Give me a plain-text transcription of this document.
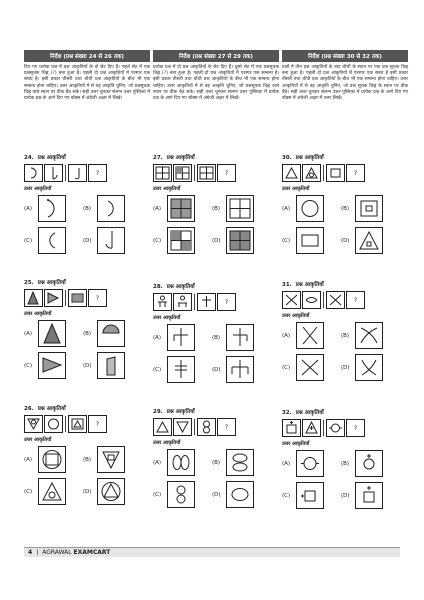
निर्देश (प्रश्न संख्या 24 से 26 तक)
दिए गए प्रत्येक प्रश्न में प्रश्न आकृतियों के दो सेट दिए हैं। पहले सेट में एक प्रश्नसूचक चिह्न (?) बना हुआ है। पहली दो प्रश्न आकृतियों में परस्पर एक संबंध है। इसी प्रकार तीसरी तथा चौथी प्रश्न आकृतियों के बीच भी एक सम्बन्ध होना चाहिए। उत्तर आकृतियों में से वह आकृति चुनिए, जो प्रश्नसूचक चिह्न वाले स्थान पर ठीक बैठ सके। सही उत्तर चुनकर संलग्न उत्तर पुस्तिका में प्रत्येक प्रश्न के आगे दिए गए बॉक्स में अंग्रेजी अक्षर में लिखें।
निर्देश (प्रश्न संख्या 27 से 29 तक)
प्रत्येक प्रश्न में दो प्रश्न आकृतियों के सेट दिए हैं। दूसरे सेट में एक प्रश्नसूचक चिह्न (?) बना हुआ है। पहली दो प्रश्न आकृतियों में परस्पर एक सम्बन्ध है। इसी प्रकार तीसरी तथा चौथी प्रश्न आकृतियों के बीच भी एक सम्बन्ध होना चाहिए। उत्तर आकृतियों में से वह आकृति चुनिए, जो प्रश्नसूचक चिह्न वाले स्थान पर ठीक बैठ सके। सही उत्तर चुनकर संलग्न उत्तर पुस्तिका में प्रत्येक प्रश्न के आगे दिए गए बॉक्स में अंग्रेजी अक्षर में लिखें।
निर्देश (प्रश्न संख्या 30 से 32 तक)
प्रश्नों में तीन प्रश्न आकृतियों के बाद चौथी के स्थान पर एक प्रश्न सूचक चिह्न बना हुआ है। पहली दो प्रश्न आकृतियों में परस्पर एक संबंध है इसी प्रकार तीसरी तथा चौथी प्रश्न आकृतियों के बीच भी एक सम्बन्ध होना चाहिए। उत्तर आकृतियों में से वह आकृति चुनिए, जो प्रश्न सूचक चिह्न के स्थान पर ठीक बैठे। सही उत्तर चुनकर संलग्न उत्तर-पुस्तिका में प्रत्येक प्रश्न के आगे दिए गए बॉक्स में अंग्रेजी अक्षर में उत्तर लिखें।
24. प्रश्न आकृतियाँ
?
उत्तर आकृतियाँ
(A)	(B)
(C)	(D)
25. प्रश्न आकृतियाँ
?
उत्तर आकृतियाँ
(A)	(B)
(C)	(D)
26. प्रश्न आकृतियाँ
?
उत्तर आकृतियाँ
(A)	(B)
(C)	(D)
27. प्रश्न आकृतियाँ
?
उत्तर आकृतियाँ
(A)	(B)
(C)	(D)
28. प्रश्न आकृतियाँ
?
उत्तर आकृतियाँ
(A)	(B)
(C)	(D)
29. प्रश्न आकृतियाँ
?
उत्तर आकृतियाँ
(A)	(B)
(C)	(D)
30. प्रश्न आकृतियाँ
?
उत्तर आकृतियाँ
(A)	(B)
(C)	(D)
31. प्रश्न आकृतियाँ
?
उत्तर आकृतियाँ
(A)	(B)
(C)	(D)
32. प्रश्न आकृतियाँ
?
उत्तर आकृतियाँ
(A)	(B)
(C)	(D)
4 | AGRAWAL EXAMCART
